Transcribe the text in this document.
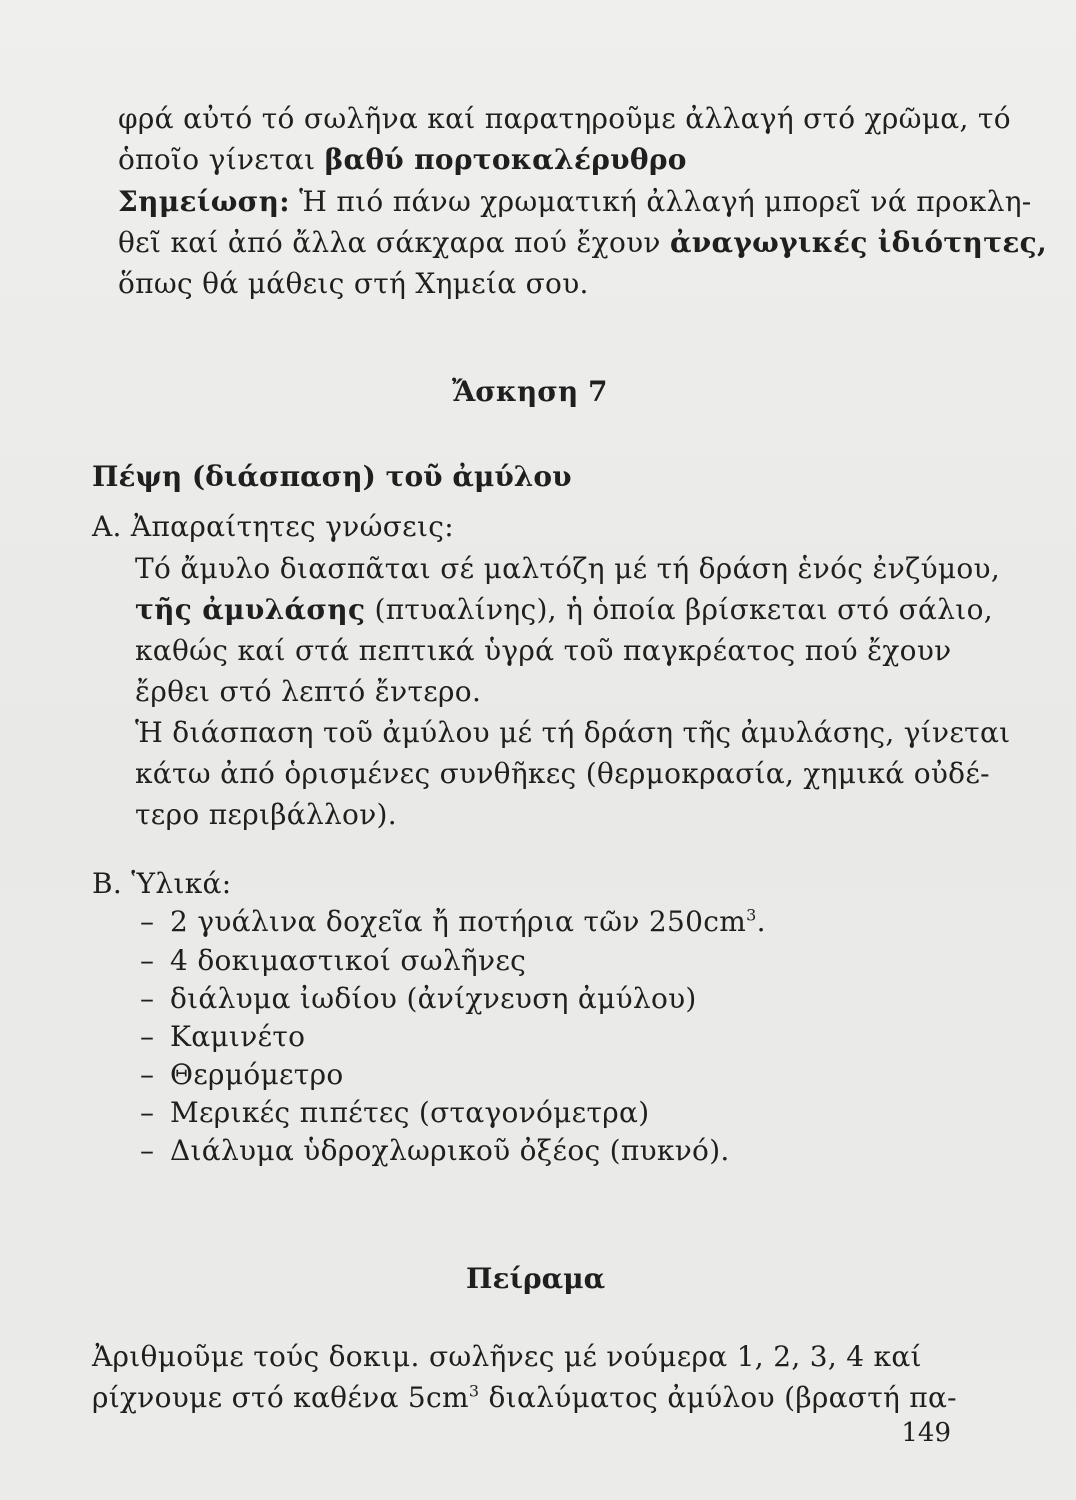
φρά αὐτό τό σωλῆνα καί παρατηροῦμε ἀλλαγή στό χρῶμα, τό
ὁποῖο γίνεται βαθύ πορτοκαλέρυθρο
Σημείωση: Ἡ πιό πάνω χρωματική ἀλλαγή μπορεῖ νά προκλη-
θεῖ καί ἀπό ἄλλα σάκχαρα πού ἔχουν ἀναγωγικές ἰδιότητες,
ὅπως θά μάθεις στή Χημεία σου.
Ἄσκηση 7
Πέψη (διάσπαση) τοῦ ἀμύλου
Α. Ἀπαραίτητες γνώσεις:
Τό ἄμυλο διασπᾶται σέ μαλτόζη μέ τή δράση ἑνός ἐνζύμου,
τῆς ἀμυλάσης (πτυαλίνης), ἡ ὁποία βρίσκεται στό σάλιο,
καθώς καί στά πεπτικά ὑγρά τοῦ παγκρέατος πού ἔχουν
ἔρθει στό λεπτό ἔντερο.
Ἡ διάσπαση τοῦ ἀμύλου μέ τή δράση τῆς ἀμυλάσης, γίνεται
κάτω ἀπό ὁρισμένες συνθῆκες (θερμοκρασία, χημικά οὐδέ-
τερο περιβάλλον).
Β. Ὑλικά:
– 2 γυάλινα δοχεῖα ἤ ποτήρια τῶν $250cm^3$.
– 4 δοκιμαστικοί σωλῆνες
– διάλυμα ἰωδίου (ἀνίχνευση ἀμύλου)
– Καμινέτο
– Θερμόμετρο
– Μερικές πιπέτες (σταγονόμετρα)
– Διάλυμα ὑδροχλωρικοῦ ὀξέος (πυκνό).
Πείραμα
Ἀριθμοῦμε τούς δοκιμ. σωλῆνες μέ νούμερα 1, 2, 3, 4 καί
ρίχνουμε στό καθένα $5cm^3$ διαλύματος ἀμύλου (βραστή πα-
149
